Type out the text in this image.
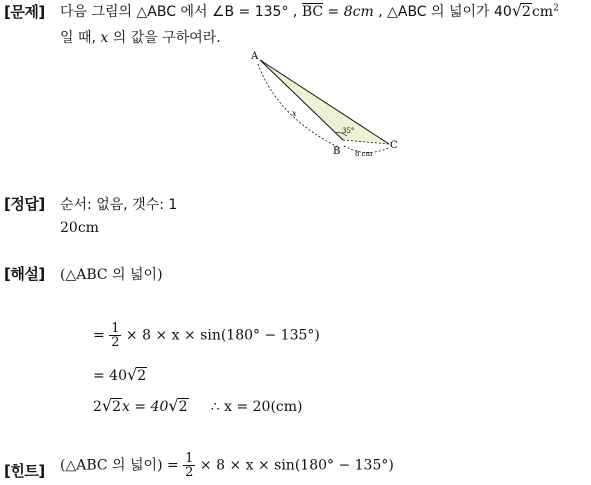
[문제] 다음 그림의 △ABC 에서 ∠B = 135° , $\overline{BC} = 8cm$ , △ABC 의 넓이가 $40√2cm^2$
일 때, x 의 값을 구하여라.
A
B
C
x
35°
8 cm
[정답] 순서: 없음, 갯수: 1
20cm
[해설] (△ABC 의 넓이)
= $\frac{1}{2} \times 8 \times x \times \sin(180^\circ - 135^\circ)$
= 40√2
2√2x = 40√2     ∴ x = 20(cm)
[힌트] (△ABC 의 넓이) = $\frac{1}{2} \times 8 \times x \times \sin(180^\circ - 135^\circ)$
